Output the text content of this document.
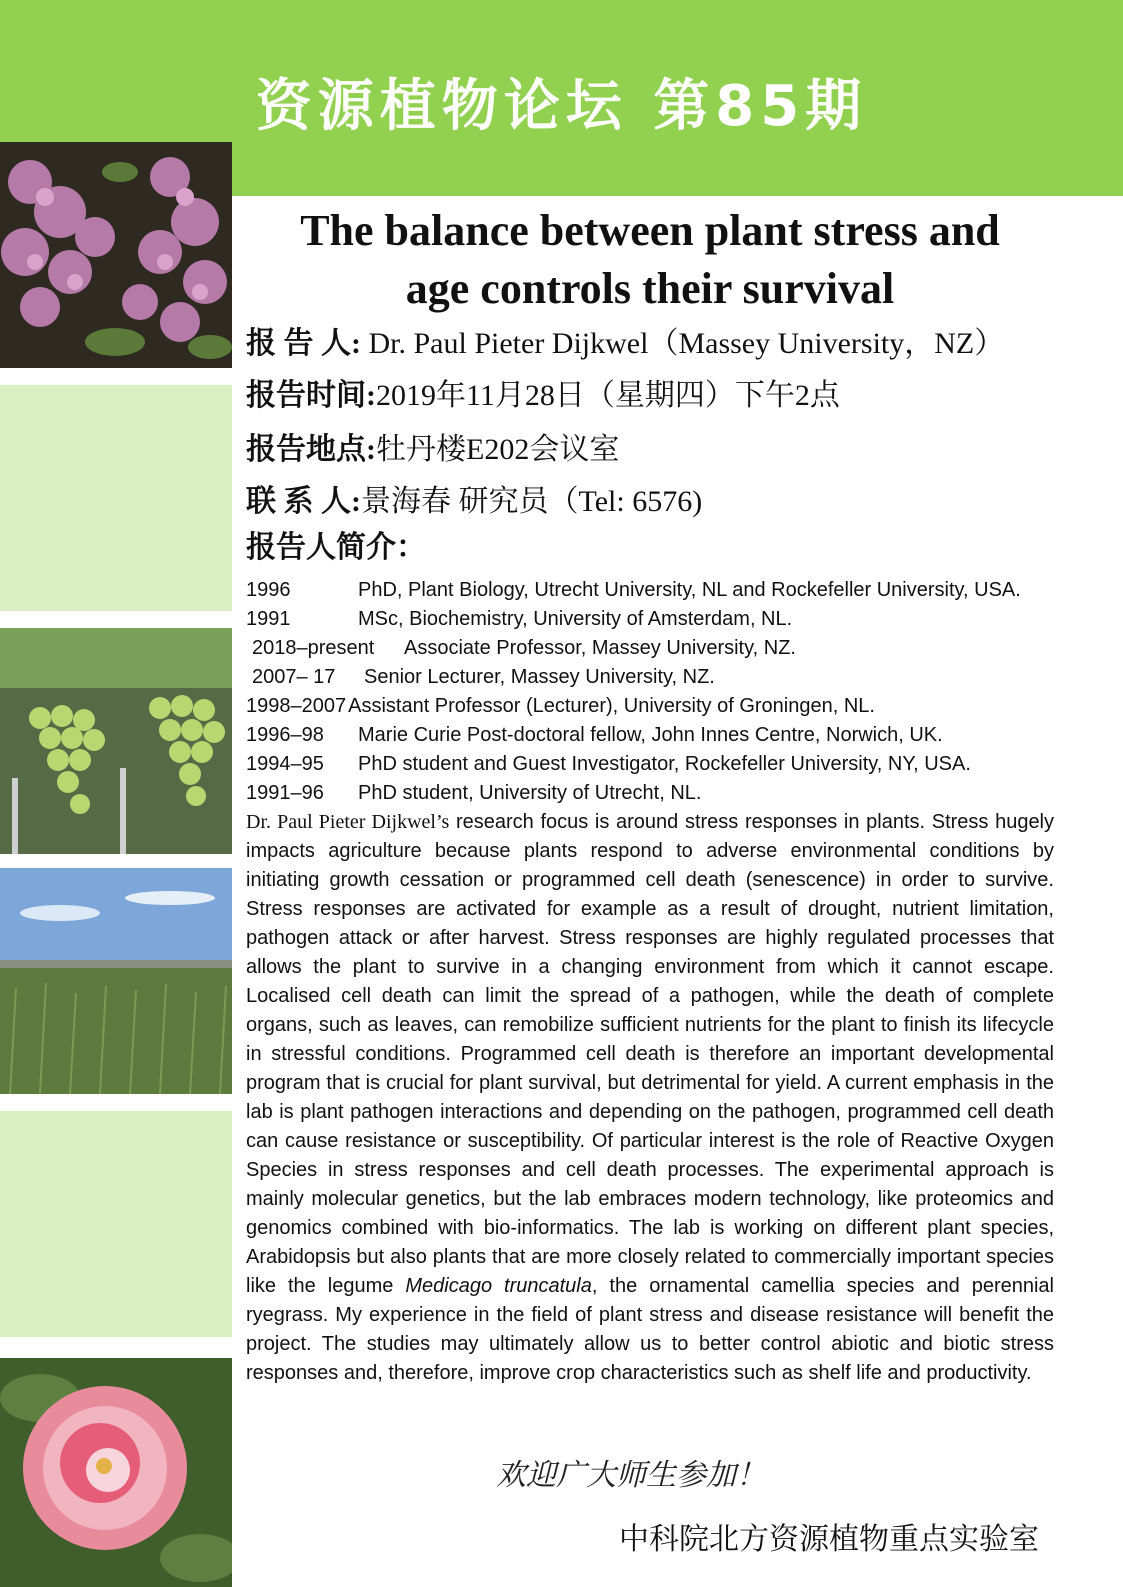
资源植物论坛 第85期
The balance between plant stress and
age controls their survival
报 告 人: Dr. Paul Pieter Dijkwel（Massey University，NZ）
报告时间:2019年11月28日（星期四）下午2点
报告地点:牡丹楼E202会议室
联 系 人:景海春 研究员（Tel: 6576)
报告人简介：
1996	PhD, Plant Biology, Utrecht University, NL and Rockefeller University, USA.
1991	MSc, Biochemistry, University of Amsterdam, NL.
2018–present	Associate Professor, Massey University, NZ.
2007– 17	Senior Lecturer, Massey University, NZ.
1998–2007 Assistant Professor (Lecturer), University of Groningen, NL.
1996–98	Marie Curie Post-doctoral fellow, John Innes Centre, Norwich, UK.
1994–95	PhD student and Guest Investigator, Rockefeller University, NY, USA.
1991–96	PhD student, University of Utrecht, NL.
Dr. Paul Pieter Dijkwel’s research focus is around stress responses in plants. Stress hugely impacts agriculture because plants respond to adverse environmental conditions by initiating growth cessation or programmed cell death (senescence) in order to survive. Stress responses are activated for example as a result of drought, nutrient limitation, pathogen attack or after harvest. Stress responses are highly regulated processes that allows the plant to survive in a changing environment from which it cannot escape. Localised cell death can limit the spread of a pathogen, while the death of complete organs, such as leaves, can remobilize sufficient nutrients for the plant to finish its lifecycle in stressful conditions. Programmed cell death is therefore an important developmental program that is crucial for plant survival, but detrimental for yield. A current emphasis in the lab is plant pathogen interactions and depending on the pathogen, programmed cell death can cause resistance or susceptibility. Of particular interest is the role of Reactive Oxygen Species in stress responses and cell death processes. The experimental approach is mainly molecular genetics, but the lab embraces modern technology, like proteomics and genomics combined with bio-informatics. The lab is working on different plant species, Arabidopsis but also plants that are more closely related to commercially important species like the legume Medicago truncatula, the ornamental camellia species and perennial ryegrass. My experience in the field of plant stress and disease resistance will benefit the project. The studies may ultimately allow us to better control abiotic and biotic stress responses and, therefore, improve crop characteristics such as shelf life and productivity.
欢迎广大师生参加！
中科院北方资源植物重点实验室
